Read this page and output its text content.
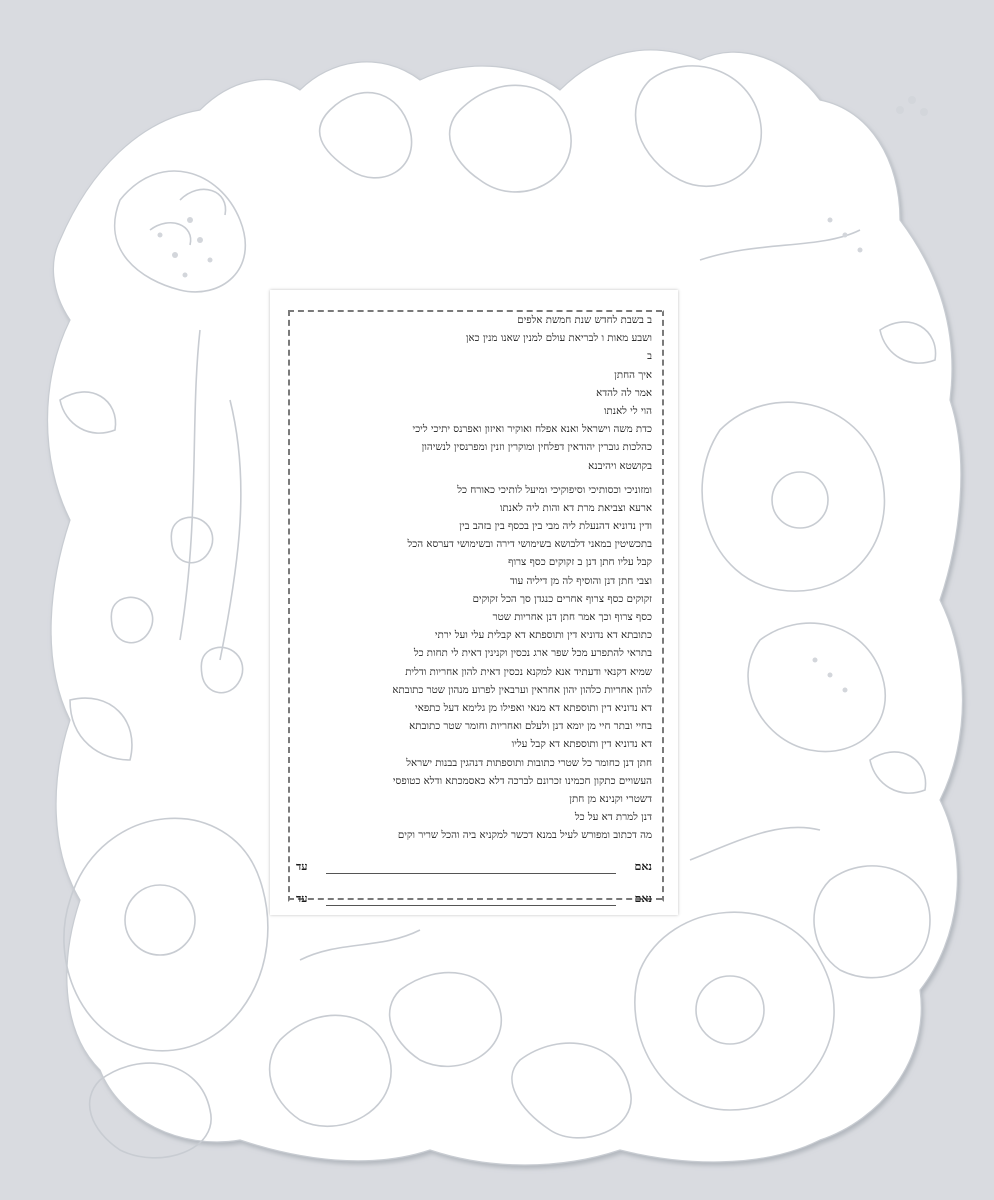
ב בשבת לחדש שנת חמשת אלפים
ושבע מאות ו לבריאת עולם למנין שאנו מנין כאן
ב
איך החתן
אמר לה להדא
הוי לי לאנתו
כדת משה וישראל ואנא אפלח ואוקיר ואיזון ואפרנס יתיכי ליכי
כהלכות גוברין יהודאין דפלחין ומוקרין וזנין ומפרנסין לנשיהון
בקושטא ויהיבנא
ומזוניכי וכסותיכי וסיפוקיכי ומיעל לותיכי כאורח כל
ארעא וצביאת מרת דא והות ליה לאנתו
ודין נדוניא דהנעלת ליה מבי בין בכסף בין בזהב בין
בתכשיטין במאני דלבושא בשימושי דירה ובשימושי דערסא הכל
קבל עליו חתן דנן ב זקוקים כסף צרוף
וצבי חתן דנן והוסיף לה מן דיליה עוד
זקוקים כסף צרוף אחרים כנגדן סך הכל זקוקים
כסף צרוף וכך אמר חתן דנן אחריות שטר
כתובתא דא נדוניא דין ותוספתא דא קבלית עלי ועל ירתי
בתראי להתפרע מכל שפר ארג נכסין וקנינין דאית לי תחות כל
שמיא דקנאי ודעתיד אנא למקנא נכסין דאית להון אחריות ודלית
להון אחריות כלהון יהון אחראין וערבאין לפרוע מנהון שטר כתובתא
דא נדוניא דין ותוספתא דא מנאי ואפילו מן גלימא דעל כתפאי
בחיי ובתר חיי מן יומא דנן ולעלם ואחריות וחומר שטר כתובתא
דא נדוניא דין ותוספתא דא קבל עליו
חתן דנן כחומר כל שטרי כתובות ותוספתות דנהגין בבנות ישראל
העשויים כתקון חכמינו זכרונם לברכה דלא כאסמכתא ודלא כטופסי
דשטרי וקנינא מן חתן
דנן למרת דא על כל
מה דכתוב ומפורש לעיל במנא דכשר למקניא ביה והכל שריר וקים
נאם
עד
נאם
עד
